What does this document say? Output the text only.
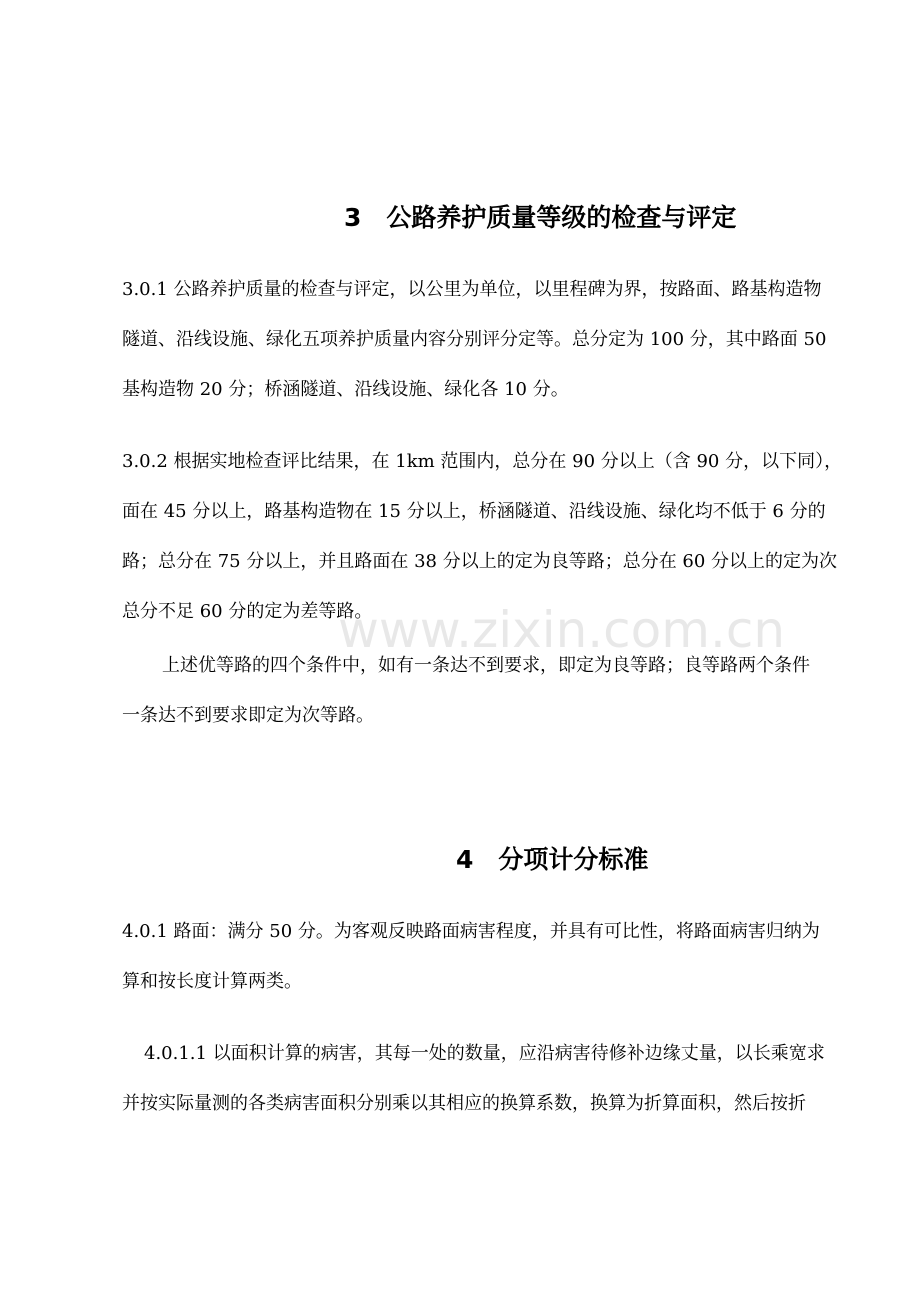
3 公路养护质量等级的检查与评定
3.0.1 公路养护质量的检查与评定，以公里为单位，以里程碑为界，按路面、路基构造物
隧道、沿线设施、绿化五项养护质量内容分别评分定等。总分定为 100 分，其中路面 50
基构造物 20 分；桥涵隧道、沿线设施、绿化各 10 分。
3.0.2 根据实地检查评比结果，在 1km 范围内，总分在 90 分以上（含 90 分，以下同），
面在 45 分以上，路基构造物在 15 分以上，桥涵隧道、沿线设施、绿化均不低于 6 分的
路；总分在 75 分以上，并且路面在 38 分以上的定为良等路；总分在 60 分以上的定为次
总分不足 60 分的定为差等路。
上述优等路的四个条件中，如有一条达不到要求，即定为良等路；良等路两个条件
一条达不到要求即定为次等路。
www.zixin.com.cn
4 分项计分标准
4.0.1 路面：满分 50 分。为客观反映路面病害程度，并具有可比性，将路面病害归纳为
算和按长度计算两类。
4.0.1.1 以面积计算的病害，其每一处的数量，应沿病害待修补边缘丈量，以长乘宽求
并按实际量测的各类病害面积分别乘以其相应的换算系数，换算为折算面积，然后按折
